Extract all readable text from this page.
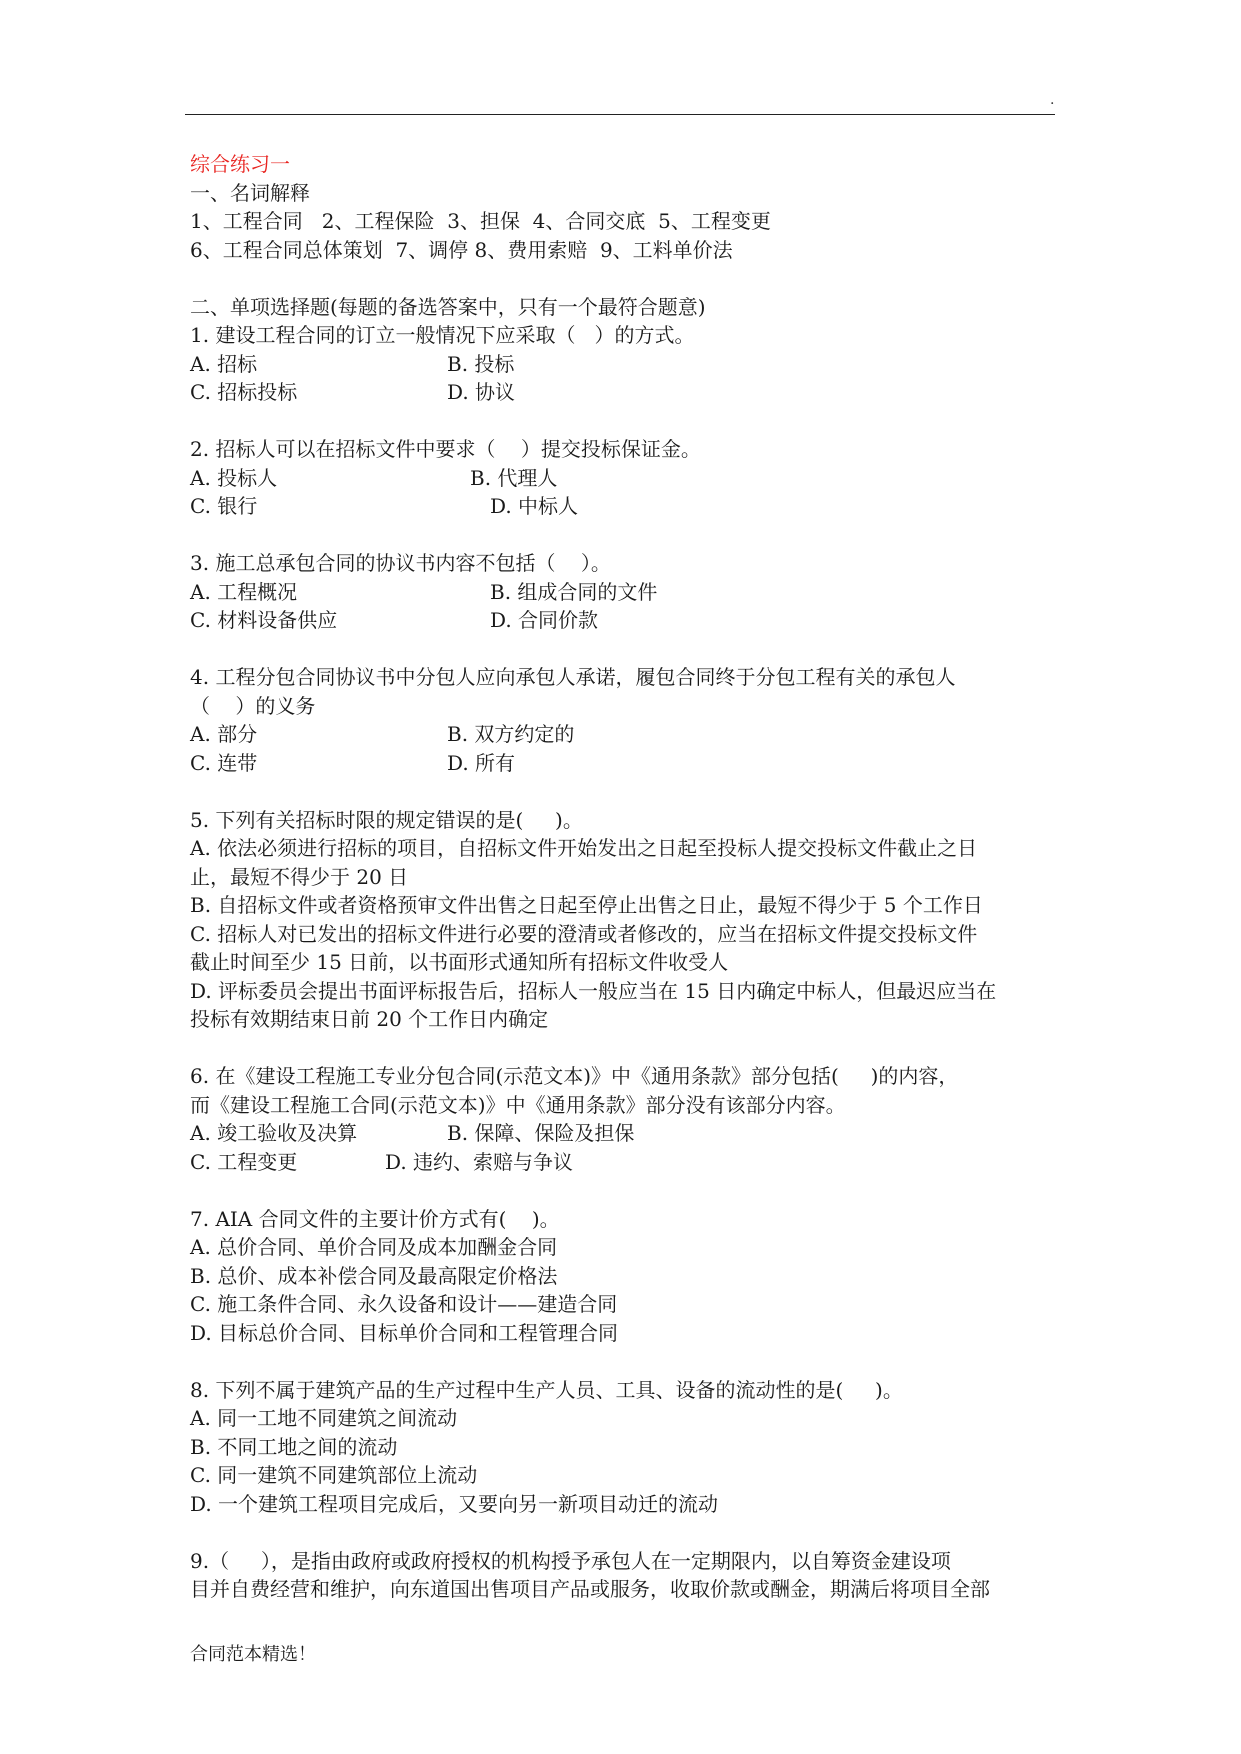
.
综合练习一
一、名词解释
1、工程合同   2、工程保险  3、担保  4、合同交底  5、工程变更
6、工程合同总体策划  7、调停 8、费用索赔  9、工料单价法
二、单项选择题(每题的备选答案中，只有一个最符合题意)
1. 建设工程合同的订立一般情况下应采取（   ）的方式。

A. 招标

	B. 投标

C. 招标投标

	D. 协议

2. 招标人可以在招标文件中要求（    ）提交投标保证金。

A. 投标人

	B. 代理人

C. 银行

	D. 中标人

3. 施工总承包合同的协议书内容不包括（    ）。

A. 工程概况

	B. 组成合同的文件

C. 材料设备供应

	D. 合同价款

4. 工程分包合同协议书中分包人应向承包人承诺，履包合同终于分包工程有关的承包人
（    ）的义务

A. 部分

	B. 双方约定的

C. 连带

	D. 所有

5. 下列有关招标时限的规定错误的是(     )。
A. 依法必须进行招标的项目，自招标文件开始发出之日起至投标人提交投标文件截止之日
止，最短不得少于 20 日
B. 自招标文件或者资格预审文件出售之日起至停止出售之日止，最短不得少于 5 个工作日
C. 招标人对已发出的招标文件进行必要的澄清或者修改的，应当在招标文件提交投标文件
截止时间至少 15 日前，以书面形式通知所有招标文件收受人
D. 评标委员会提出书面评标报告后，招标人一般应当在 15 日内确定中标人，但最迟应当在
投标有效期结束日前 20 个工作日内确定
6. 在《建设工程施工专业分包合同(示范文本)》中《通用条款》部分包括(     )的内容，
而《建设工程施工合同(示范文本)》中《通用条款》部分没有该部分内容。

A. 竣工验收及决算

	B. 保障、保险及担保

C. 工程变更

	D. 违约、索赔与争议

7. AIA 合同文件的主要计价方式有(    )。
A. 总价合同、单价合同及成本加酬金合同
B. 总价、成本补偿合同及最高限定价格法
C. 施工条件合同、永久设备和设计——建造合同
D. 目标总价合同、目标单价合同和工程管理合同
8. 下列不属于建筑产品的生产过程中生产人员、工具、设备的流动性的是(     )。
A. 同一工地不同建筑之间流动
B. 不同工地之间的流动
C. 同一建筑不同建筑部位上流动
D. 一个建筑工程项目完成后，又要向另一新项目动迁的流动
9.（     ），是指由政府或政府授权的机构授予承包人在一定期限内，以自筹资金建设项
目并自费经营和维护，向东道国出售项目产品或服务，收取价款或酬金，期满后将项目全部
合同范本精选！
